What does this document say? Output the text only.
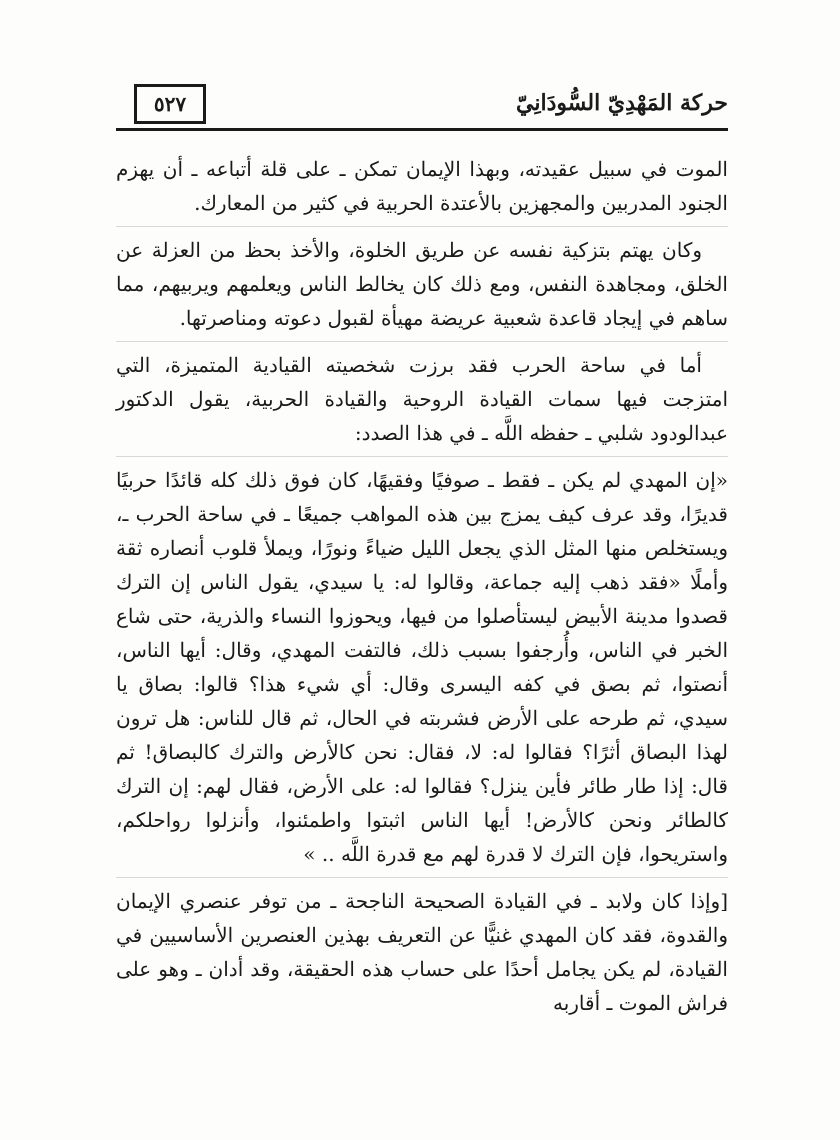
حركة المَهْدِيّ السُّودَانِيّ
٥٢٧

الموت في سبيل عقيدته، وبهذا الإيمان تمكن ـ على قلة أتباعه ـ أن يهزم الجنود المدربين والمجهزين بالأعتدة الحربية في كثير من المعارك.

وكان يهتم بتزكية نفسه عن طريق الخلوة، والأخذ بحظ من العزلة عن الخلق، ومجاهدة النفس، ومع ذلك كان يخالط الناس ويعلمهم ويربيهم، مما ساهم في إيجاد قاعدة شعبية عريضة مهيأة لقبول دعوته ومناصرتها.

أما في ساحة الحرب فقد برزت شخصيته القيادية المتميزة، التي امتزجت فيها سمات القيادة الروحية والقيادة الحربية، يقول الدكتور عبدالودود شلبي ـ حفظه اللَّه ـ في هذا الصدد:

«إن المهدي لم يكن ـ فقط ـ صوفيًا وفقيهًا، كان فوق ذلك كله قائدًا حربيًا قديرًا، وقد عرف كيف يمزج بين هذه المواهب جميعًا ـ في ساحة الحرب ـ، ويستخلص منها المثل الذي يجعل الليل ضياءً ونورًا، ويملأ قلوب أنصاره ثقة وأملًا «فقد ذهب إليه جماعة، وقالوا له: يا سيدي، يقول الناس إن الترك قصدوا مدينة الأبيض ليستأصلوا من فيها، ويحوزوا النساء والذرية، حتى شاع الخبر في الناس، وأُرجفوا بسبب ذلك، فالتفت المهدي، وقال: أيها الناس، أنصتوا، ثم بصق في كفه اليسرى وقال: أي شيء هذا؟ قالوا: بصاق يا سيدي، ثم طرحه على الأرض فشربته في الحال، ثم قال للناس: هل ترون لهذا البصاق أثرًا؟ فقالوا له: لا، فقال: نحن كالأرض والترك كالبصاق! ثم قال: إذا طار طائر فأين ينزل؟ فقالوا له: على الأرض، فقال لهم: إن الترك كالطائر ونحن كالأرض! أيها الناس اثبتوا واطمئنوا، وأنزلوا رواحلكم، واستريحوا، فإن الترك لا قدرة لهم مع قدرة اللَّه .. »

[وإذا كان ولابد ـ في القيادة الصحيحة الناجحة ـ من توفر عنصري الإيمان والقدوة، فقد كان المهدي غنيًّا عن التعريف بهذين العنصرين الأساسيين في القيادة، لم يكن يجامل أحدًا على حساب هذه الحقيقة، وقد أدان ـ وهو على فراش الموت ـ أقاربه
